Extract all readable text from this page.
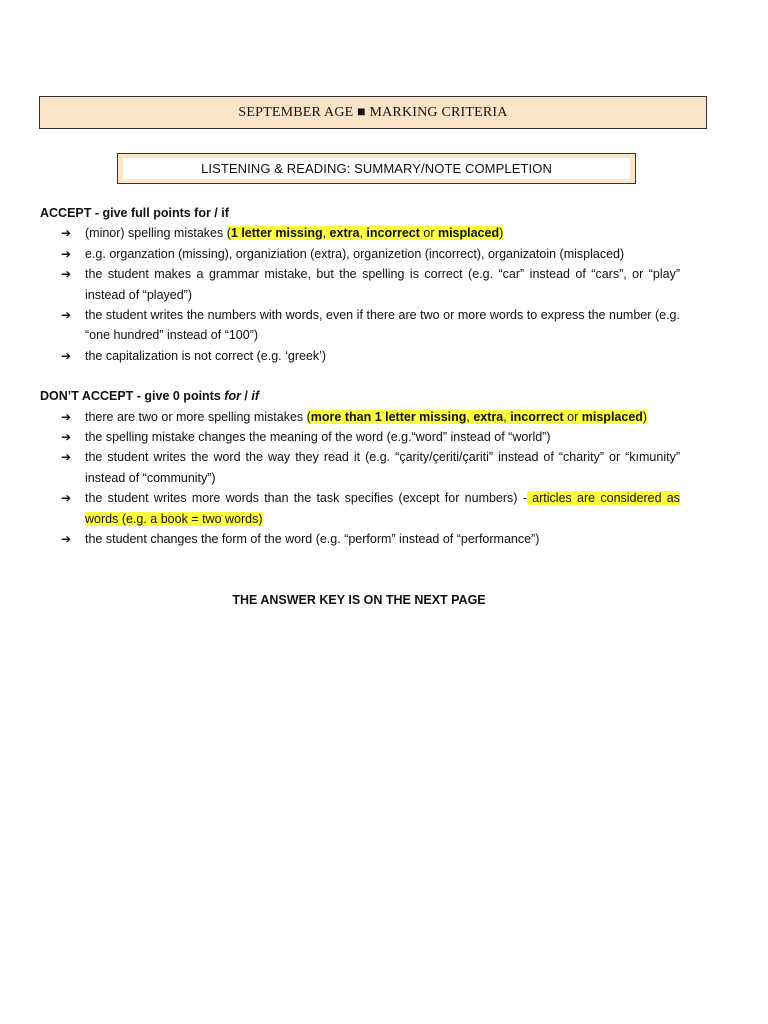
SEPTEMBER AGE ■ MARKING CRITERIA
LISTENING & READING: SUMMARY/NOTE COMPLETION
ACCEPT - give full points for / if
➔ (minor) spelling mistakes (1 letter missing, extra, incorrect or misplaced)
➔ e.g. organzation (missing), organiziation (extra), organizetion (incorrect), organizatoin (misplaced)
➔ the student makes a grammar mistake, but the spelling is correct (e.g. “car” instead of “cars”, or “play” instead of “played”)
➔ the student writes the numbers with words, even if there are two or more words to express the number (e.g. “one hundred” instead of “100”)
➔ the capitalization is not correct (e.g. ‘greek’)
DON’T ACCEPT - give 0 points for / if
➔ there are two or more spelling mistakes (more than 1 letter missing, extra, incorrect or misplaced)
➔ the spelling mistake changes the meaning of the word (e.g.“word” instead of “world”)
➔ the student writes the word the way they read it (e.g. “çarity/çeriti/çariti” instead of “charity” or “kımunity” instead of “community”)
➔ the student writes more words than the task specifies (except for numbers) - articles are considered as words (e.g. a book = two words)
➔ the student changes the form of the word (e.g. “perform” instead of “performance”)
THE ANSWER KEY IS ON THE NEXT PAGE
